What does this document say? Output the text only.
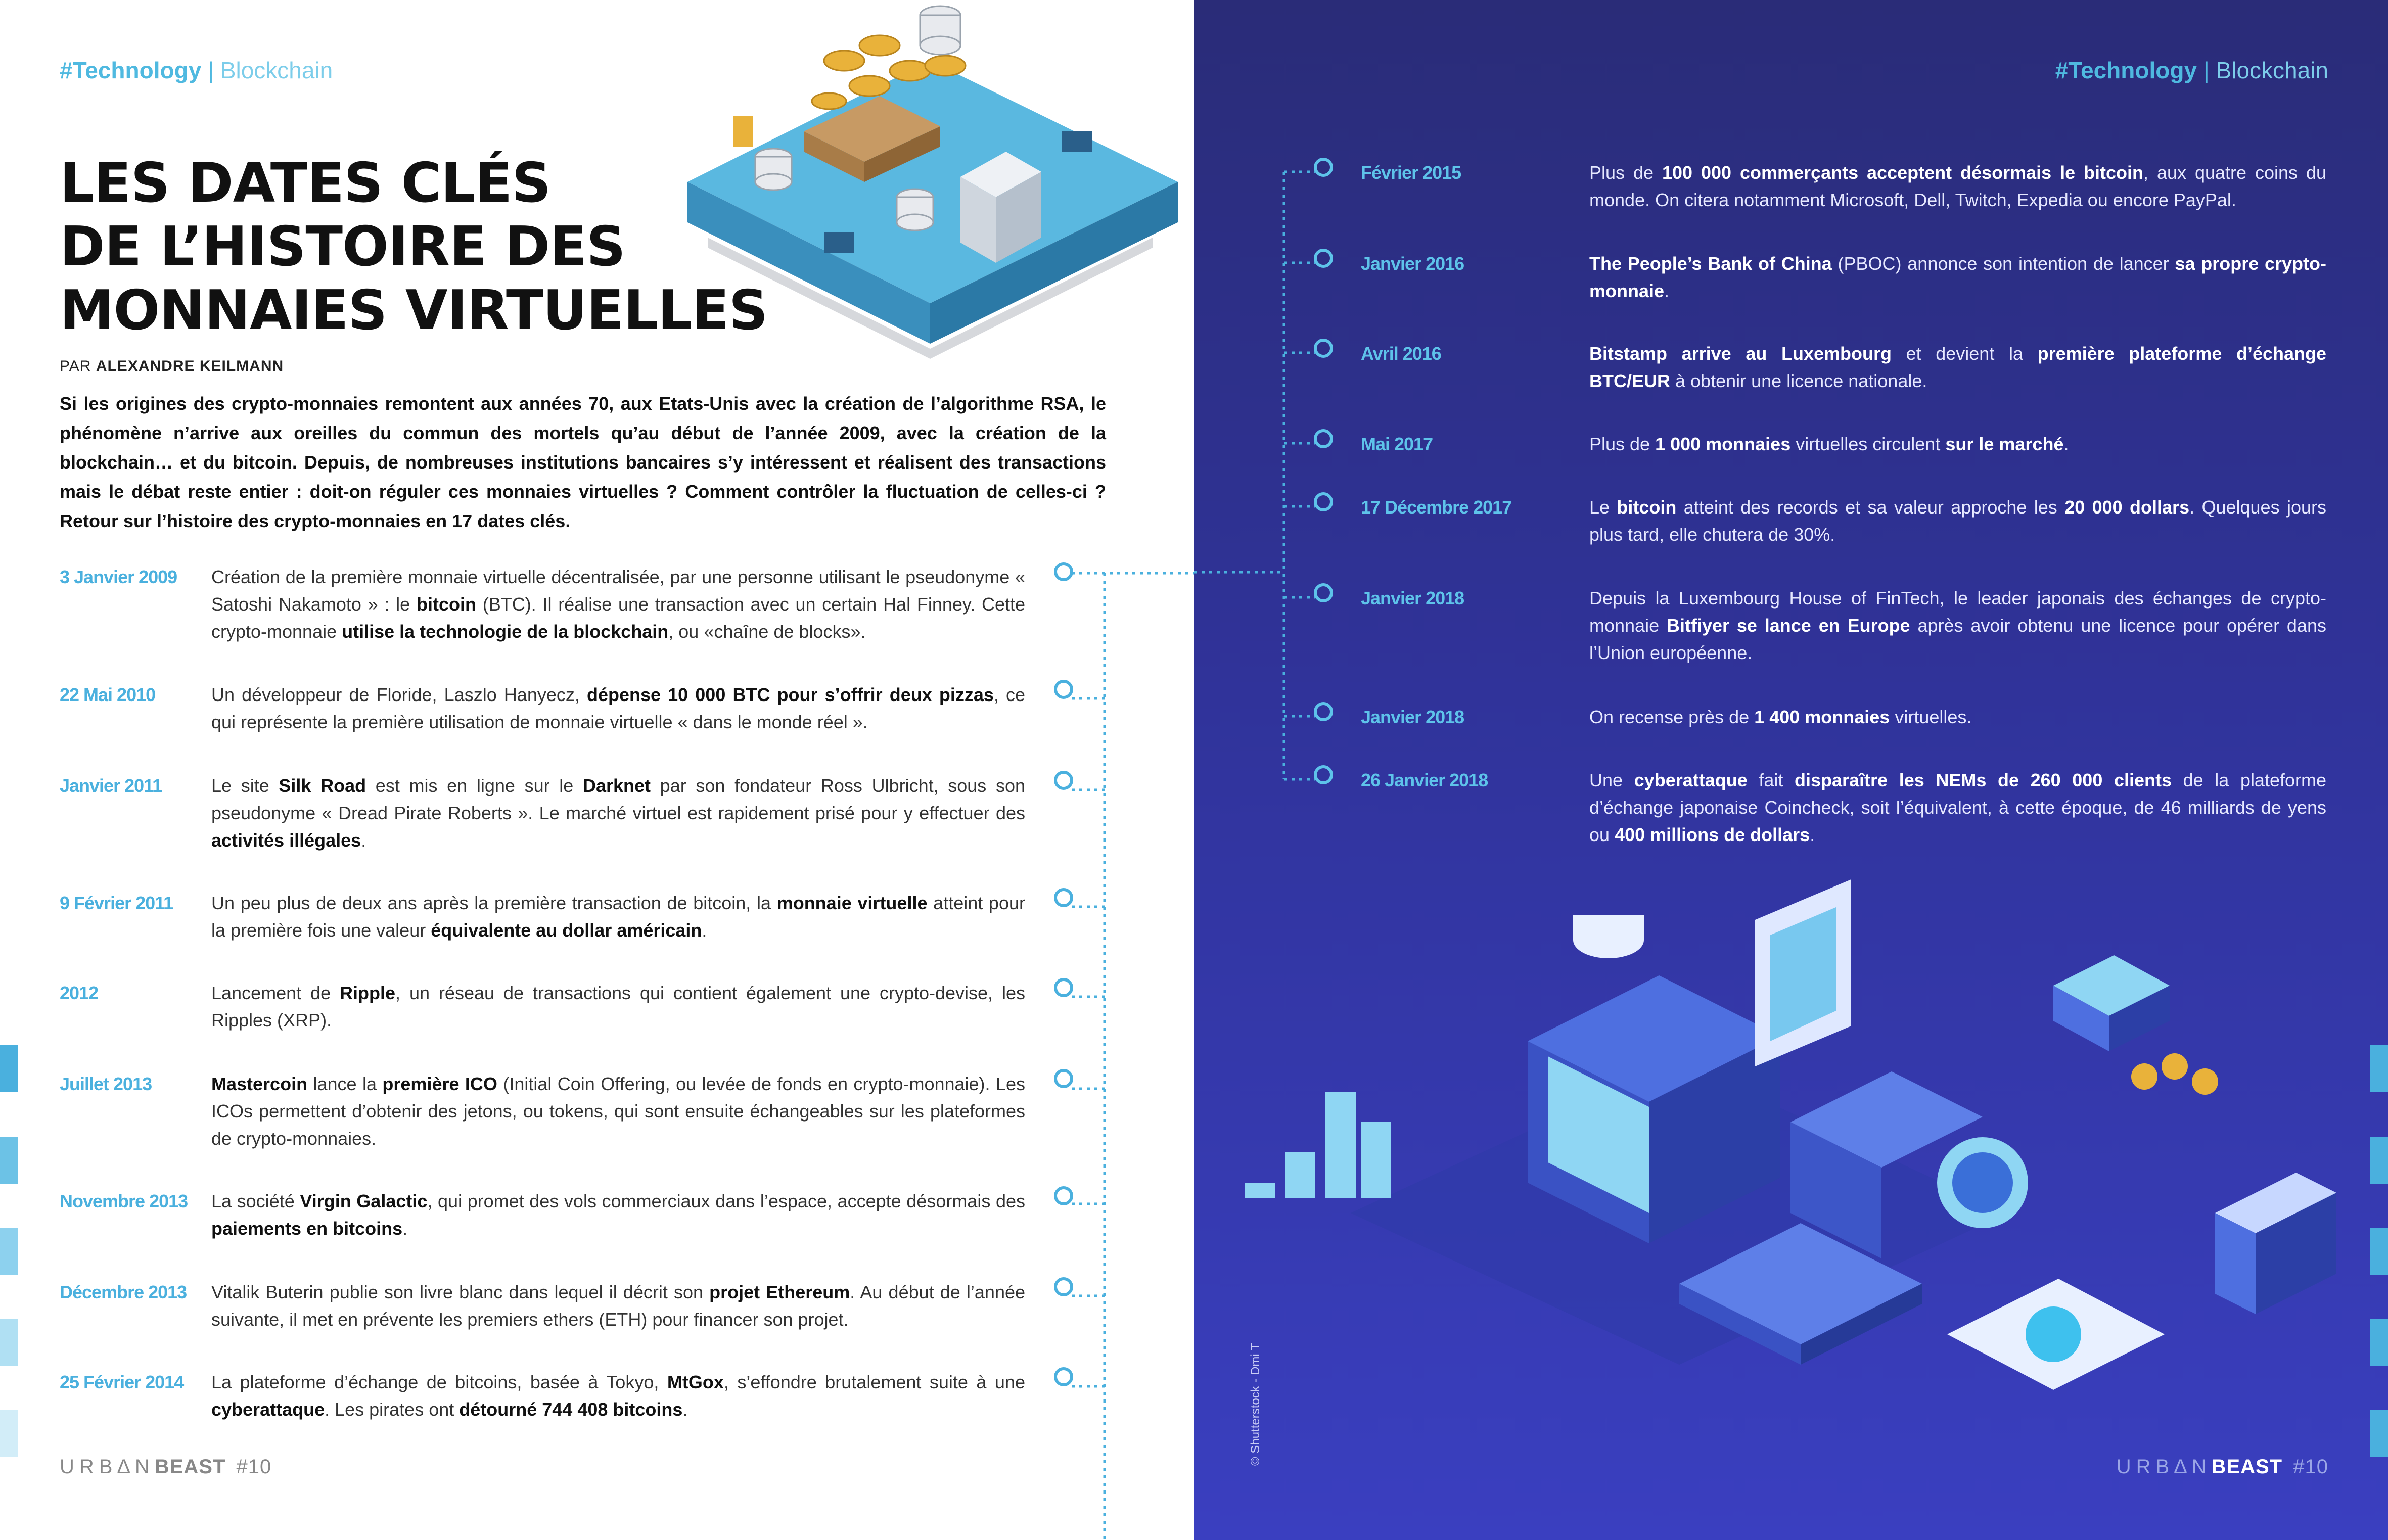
#Technology | Blockchain
LES DATES CLÉS
DE L’HISTOIRE DES
MONNAIES VIRTUELLES
PAR ALEXANDRE KEILMANN
Si les origines des crypto-monnaies remontent aux années 70, aux Etats-Unis avec la création de l’algorithme RSA, le phénomène n’arrive aux oreilles du commun des mortels qu’au début de l’année 2009, avec la création de la blockchain… et du bitcoin. Depuis, de nombreuses institutions bancaires s’y intéressent et réalisent des transactions mais le débat reste entier : doit-on réguler ces monnaies virtuelles ? Comment contrôler la fluctuation de celles-ci ? Retour sur l’histoire des crypto-monnaies en 17 dates clés.
3 Janvier 2009 Création de la première monnaie virtuelle décentralisée, par une personne utilisant le pseudonyme « Satoshi Nakamoto » : le bitcoin (BTC). Il réalise une transaction avec un certain Hal Finney. Cette crypto-monnaie utilise la technologie de la blockchain, ou «chaîne de blocks».
22 Mai 2010	Un développeur de Floride, Laszlo Hanyecz, dépense 10 000 BTC pour s’offrir deux pizzas, ce qui représente la première utilisation de monnaie virtuelle « dans le monde réel ».
Janvier 2011	Le site Silk Road est mis en ligne sur le Darknet par son fondateur Ross Ulbricht, sous son pseudonyme « Dread Pirate Roberts ». Le marché virtuel est rapidement prisé pour y effectuer des activités illégales.
9 Février 2011 Un peu plus de deux ans après la première transaction de bitcoin, la monnaie virtuelle atteint pour la première fois une valeur équivalente au dollar américain.
2012	Lancement de Ripple, un réseau de transactions qui contient également une crypto-devise, les Ripples (XRP).
Juillet 2013	Mastercoin lance la première ICO (Initial Coin Offering, ou levée de fonds en crypto-monnaie). Les ICOs permettent d’obtenir des jetons, ou tokens, qui sont ensuite échangeables sur les plateformes de crypto-monnaies.
Novembre 2013 La société Virgin Galactic, qui promet des vols commerciaux dans l’espace, accepte désormais des paiements en bitcoins.
Décembre 2013 Vitalik Buterin publie son livre blanc dans lequel il décrit son projet Ethereum. Au début de l’année suivante, il met en prévente les premiers ethers (ETH) pour financer son projet.
25 Février 2014 La plateforme d’échange de bitcoins, basée à Tokyo, MtGox, s’effondre brutalement suite à une cyberattaque. Les pirates ont détourné 744 408 bitcoins.
URB∆NBEAST #10
#Technology | Blockchain
Février 2015	Plus de 100 000 commerçants acceptent désormais le bitcoin, aux quatre coins du monde. On citera notamment Microsoft, Dell, Twitch, Expedia ou encore PayPal.
Janvier 2016	The People’s Bank of China (PBOC) annonce son intention de lancer sa propre crypto-monnaie.
Avril 2016	Bitstamp arrive au Luxembourg et devient la première plateforme d’échange BTC/EUR à obtenir une licence nationale.
Mai 2017	Plus de 1 000 monnaies virtuelles circulent sur le marché.
17 Décembre 2017	Le bitcoin atteint des records et sa valeur approche les 20 000 dollars. Quelques jours plus tard, elle chutera de 30%.
Janvier 2018	Depuis la Luxembourg House of FinTech, le leader japonais des échanges de crypto-monnaie Bitfiyer se lance en Europe après avoir obtenu une licence pour opérer dans l’Union européenne.
Janvier 2018	On recense près de 1 400 monnaies virtuelles.
26 Janvier 2018	Une cyberattaque fait disparaître les NEMs de 260 000 clients de la plateforme d’échange japonaise Coincheck, soit l’équivalent, à cette époque, de 46 milliards de yens ou 400 millions de dollars.
URB∆NBEAST #10
© Shutterstock - Dmi T
